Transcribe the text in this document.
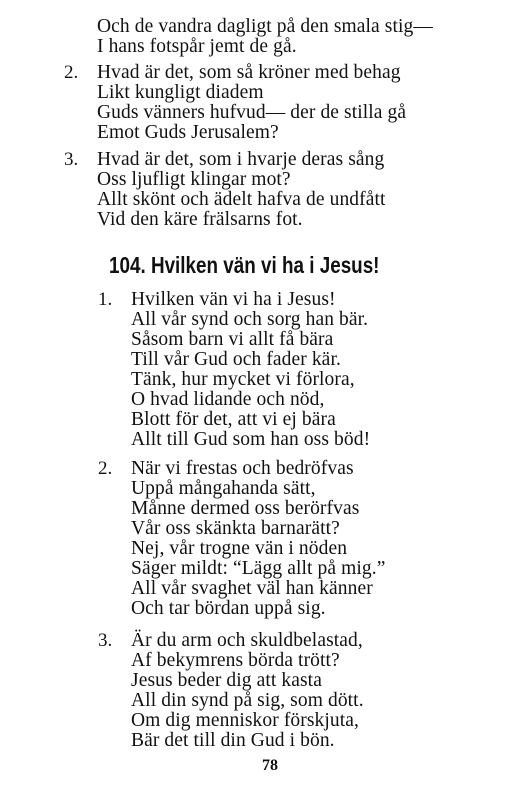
Och de vandra dagligt på den smala stig—
I hans fotspår jemt de gå.
2. Hvad är det, som så kröner med behag
Likt kungligt diadem
Guds vänners hufvud— der de stilla gå
Emot Guds Jerusalem?
3. Hvad är det, som i hvarje deras sång
Oss ljufligt klingar mot?
Allt skönt och ädelt hafva de undfått
Vid den käre frälsarns fot.
104. Hvilken vän vi ha i Jesus!
1. Hvilken vän vi ha i Jesus!
All vår synd och sorg han bär.
Såsom barn vi allt få bära
Till vår Gud och fader kär.
Tänk, hur mycket vi förlora,
O hvad lidande och nöd,
Blott för det, att vi ej bära
Allt till Gud som han oss böd!
2. När vi frestas och bedröfvas
Uppå mångahanda sätt,
Månne dermed oss berörfvas
Vår oss skänkta barnarätt?
Nej, vår trogne vän i nöden
Säger mildt: “Lägg allt på mig.”
All vår svaghet väl han känner
Och tar bördan uppå sig.
3. Är du arm och skuldbelastad,
Af bekymrens börda trött?
Jesus beder dig att kasta
All din synd på sig, som dött.
Om dig menniskor förskjuta,
Bär det till din Gud i bön.
78
